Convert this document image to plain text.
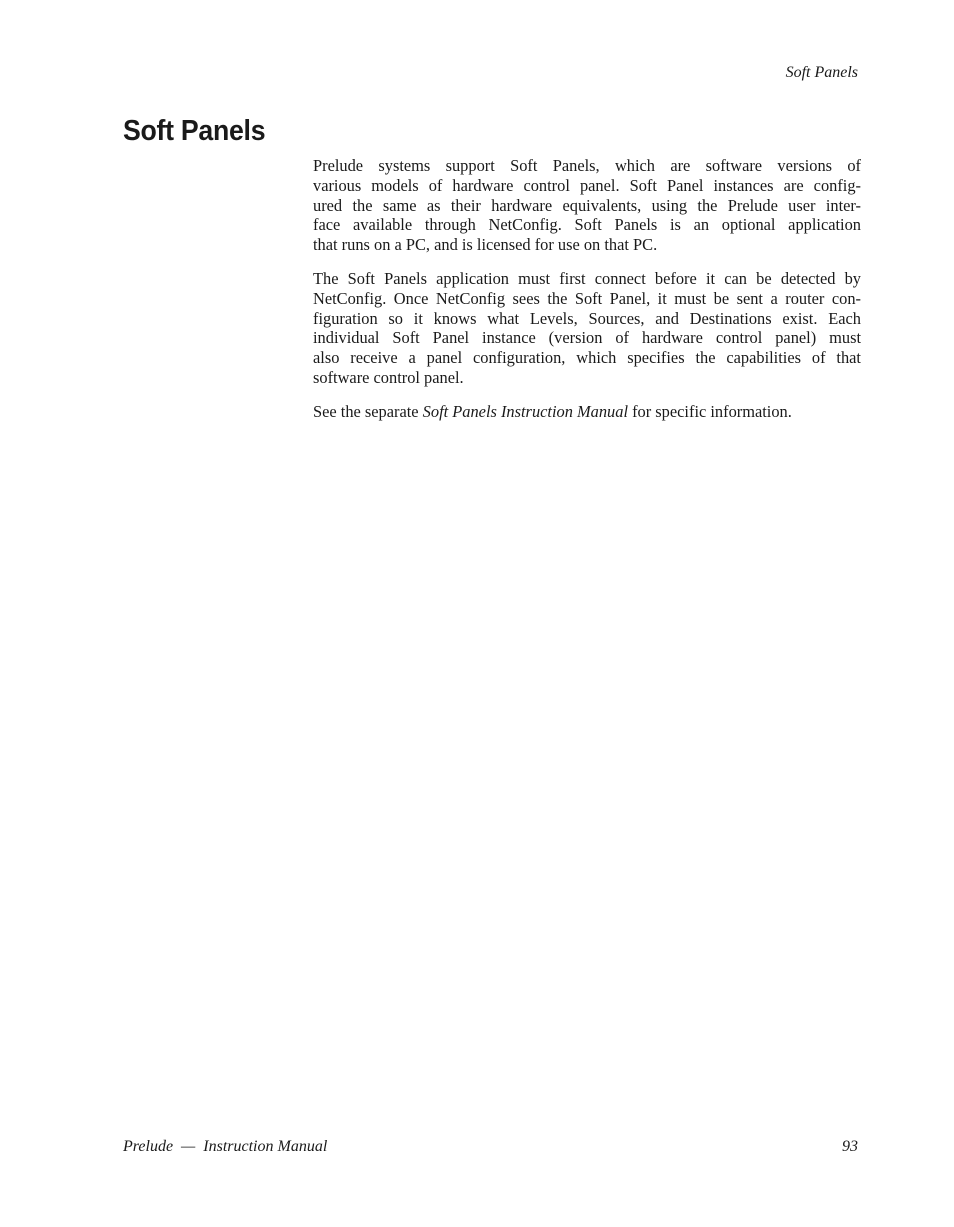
Soft Panels
Soft Panels

Prelude systems support Soft Panels, which are software versions of
various models of hardware control panel. Soft Panel instances are config-
ured the same as their hardware equivalents, using the Prelude user inter-
face available through NetConfig. Soft Panels is an optional application
that runs on a PC, and is licensed for use on that PC.

The Soft Panels application must first connect before it can be detected by
NetConfig. Once NetConfig sees the Soft Panel, it must be sent a router con-
figuration so it knows what Levels, Sources, and Destinations exist. Each
individual Soft Panel instance (version of hardware control panel) must
also receive a panel configuration, which specifies the capabilities of that
software control panel.

See the separate Soft Panels Instruction Manual for specific information.

Prelude  —  Instruction Manual	93
